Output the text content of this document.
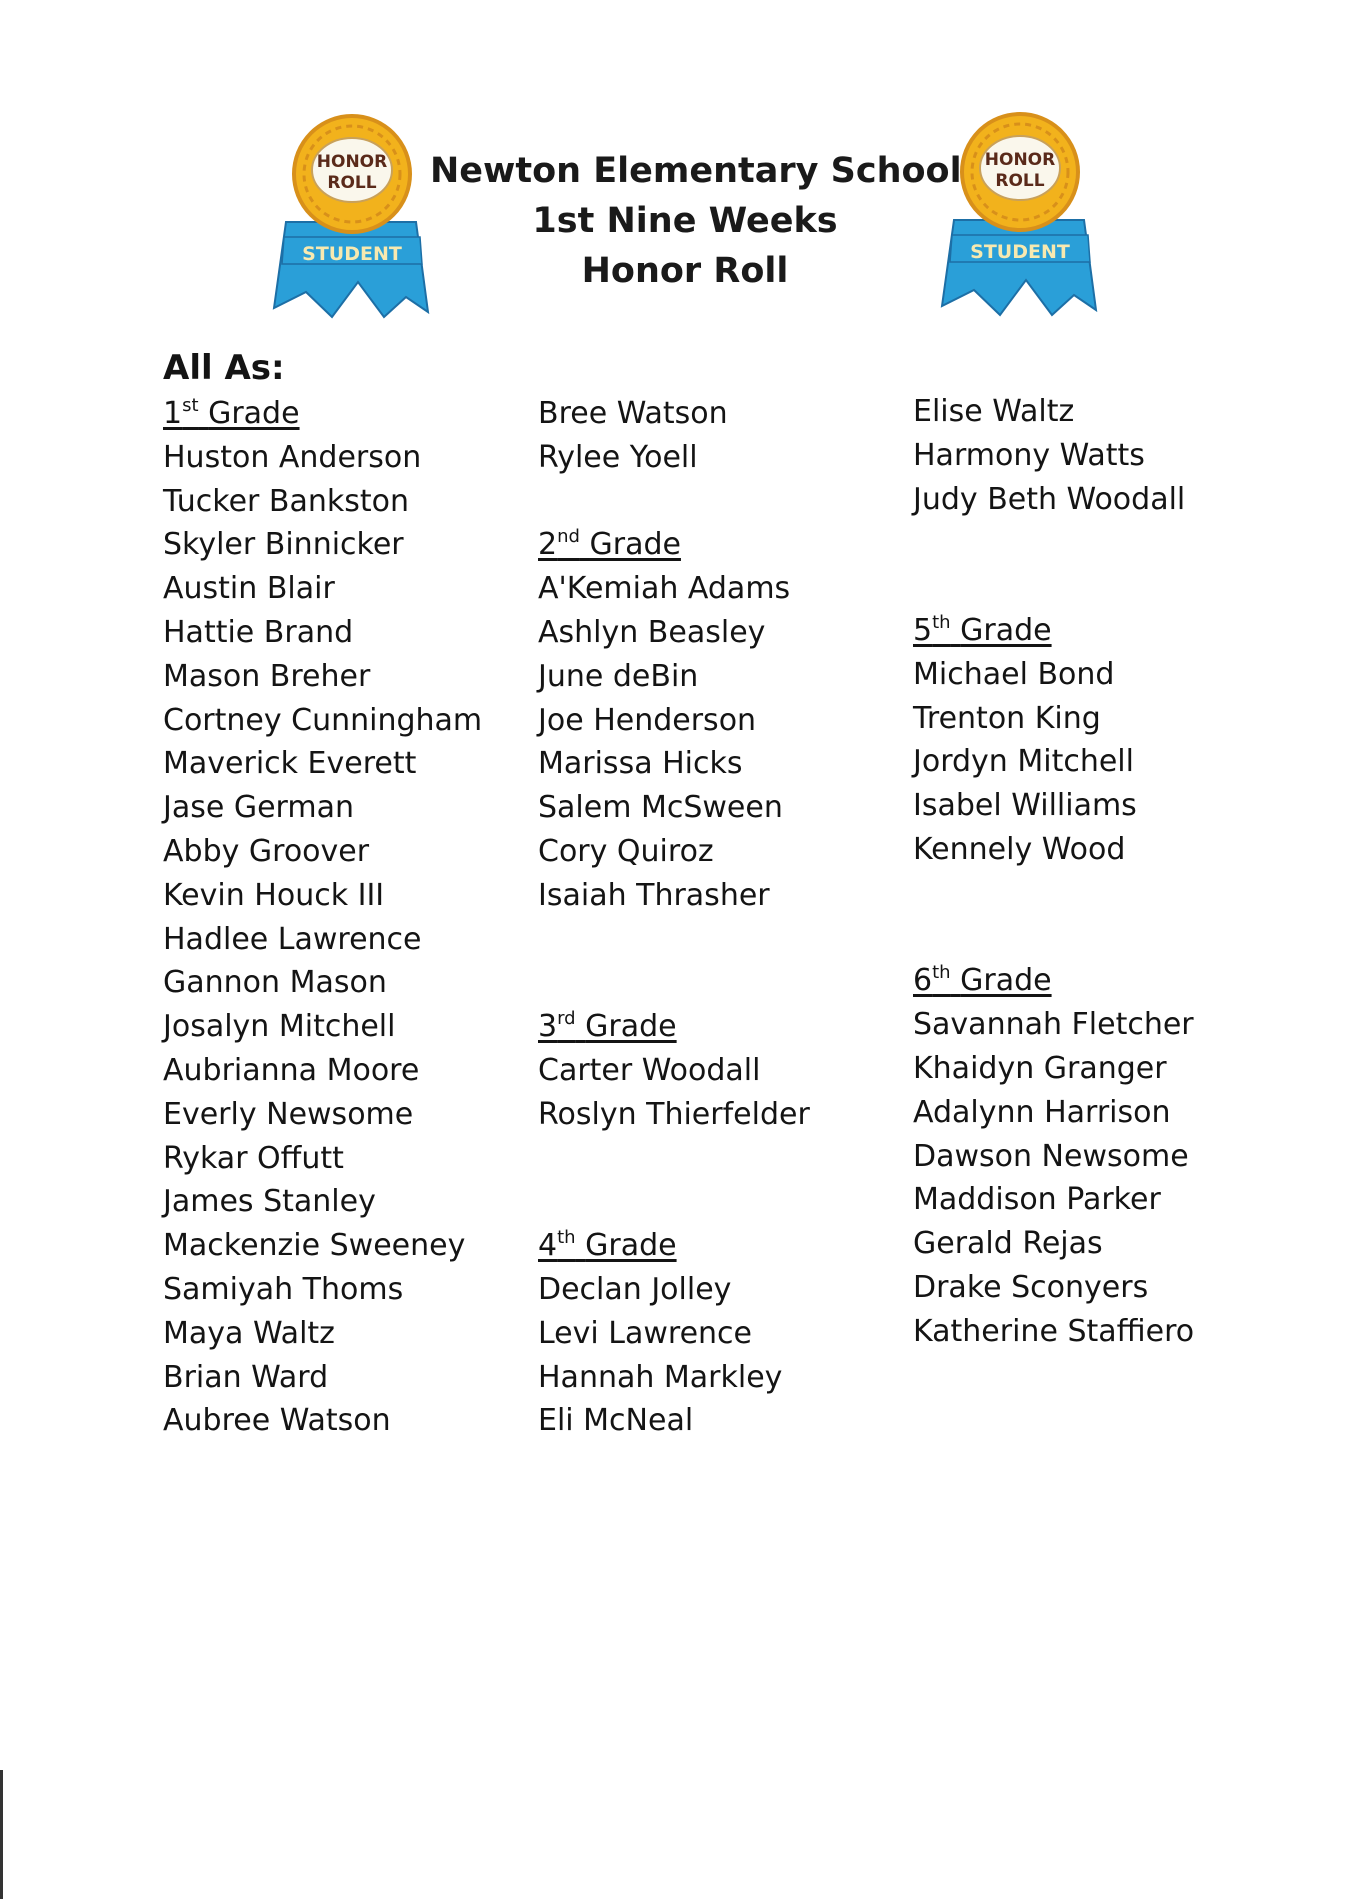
STUDENT
HONOR
ROLL
STUDENT
HONOR
ROLL
Newton Elementary School
1st Nine Weeks
Honor Roll
All As:
1st Grade
Huston Anderson
Tucker Bankston
Skyler Binnicker
Austin Blair
Hattie Brand
Mason Breher
Cortney Cunningham
Maverick Everett
Jase German
Abby Groover
Kevin Houck III
Hadlee Lawrence
Gannon Mason
Josalyn Mitchell
Aubrianna Moore
Everly Newsome
Rykar Offutt
James Stanley
Mackenzie Sweeney
Samiyah Thoms
Maya Waltz
Brian Ward
Aubree Watson
Bree Watson
Rylee Yoell
2nd Grade
A'Kemiah Adams
Ashlyn Beasley
June deBin
Joe Henderson
Marissa Hicks
Salem McSween
Cory Quiroz
Isaiah Thrasher
3rd Grade
Carter Woodall
Roslyn Thierfelder
4th Grade
Declan Jolley
Levi Lawrence
Hannah Markley
Eli McNeal
Elise Waltz
Harmony Watts
Judy Beth Woodall
5th Grade
Michael Bond
Trenton King
Jordyn Mitchell
Isabel Williams
Kennely Wood
6th Grade
Savannah Fletcher
Khaidyn Granger
Adalynn Harrison
Dawson Newsome
Maddison Parker
Gerald Rejas
Drake Sconyers
Katherine Staffiero
